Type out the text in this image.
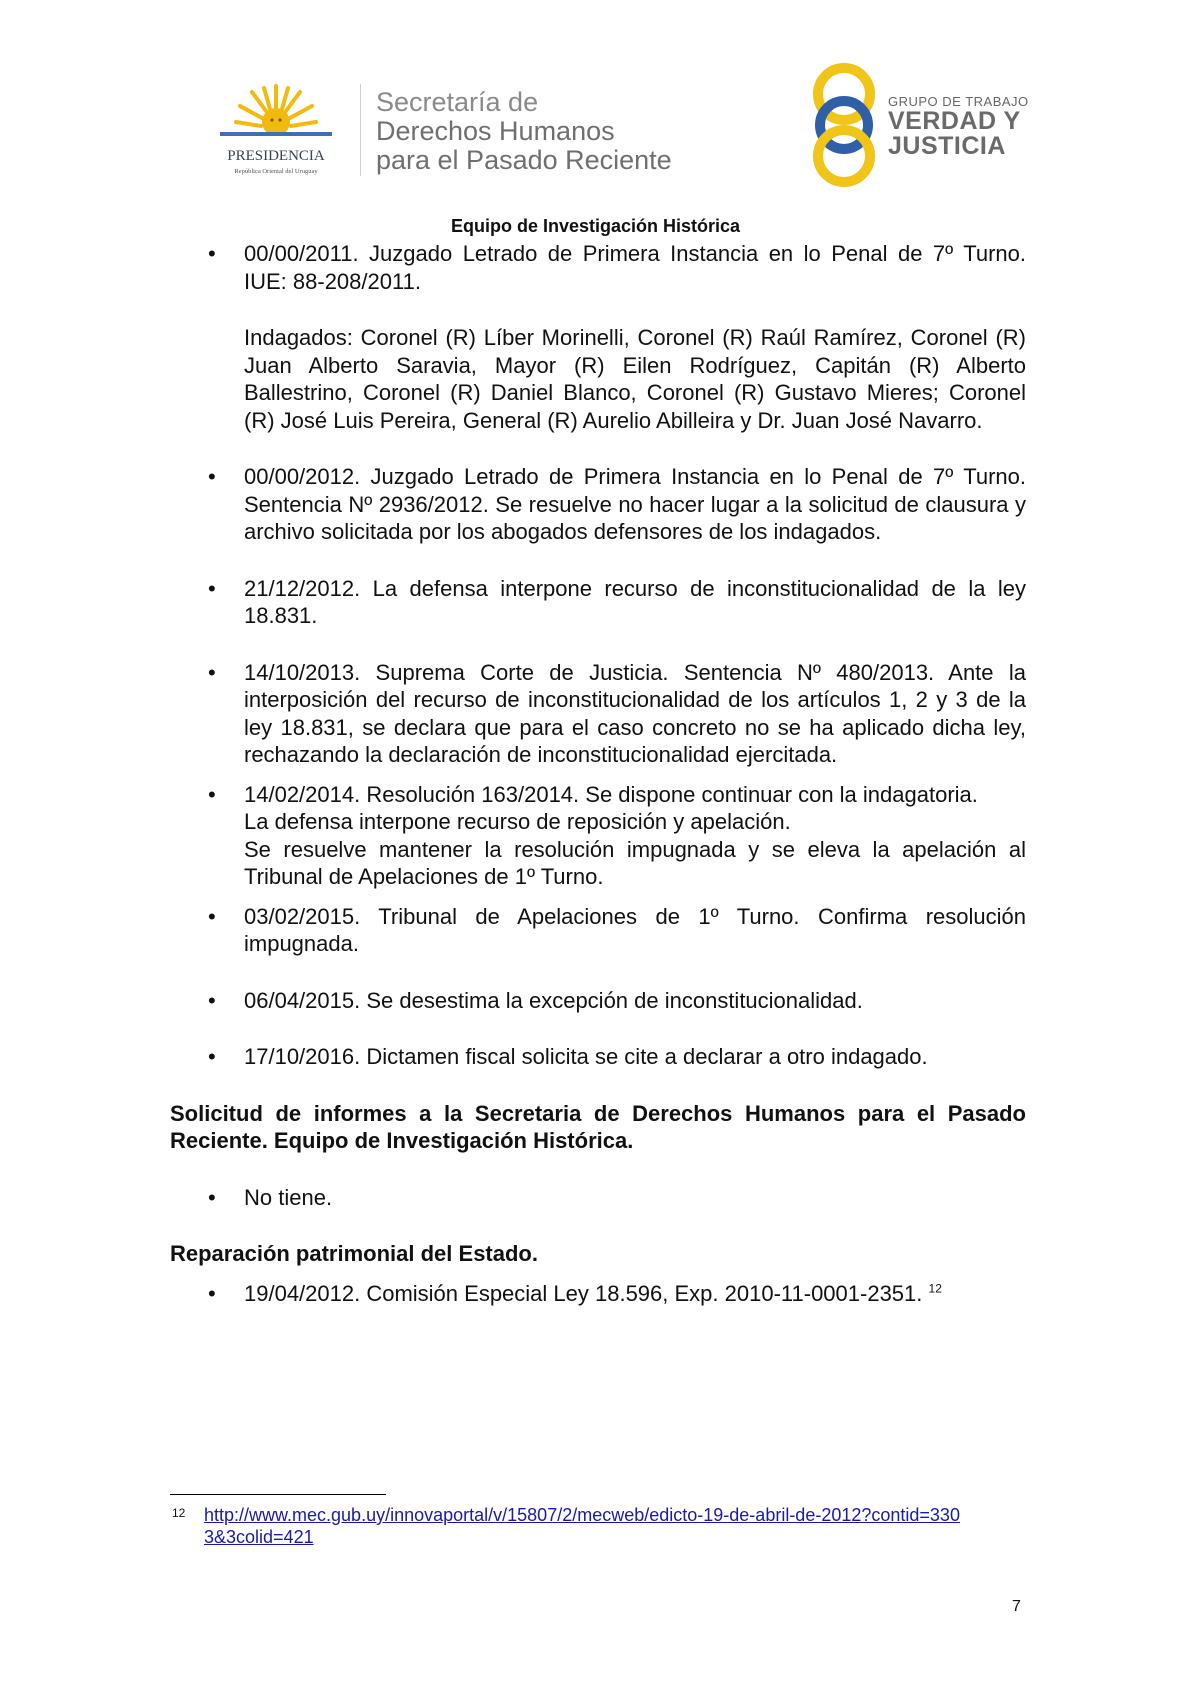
PRESIDENCIA
República Oriental del Uruguay
Secretaría de
Derechos Humanos
para el Pasado Reciente
GRUPO DE TRABAJO
VERDAD Y
JUSTICIA
Equipo de Investigación Histórica
• 00/00/2011. Juzgado Letrado de Primera Instancia en lo Penal de 7º Turno. IUE: 88-208/2011.

Indagados: Coronel (R) Líber Morinelli, Coronel (R) Raúl Ramírez, Coronel (R) Juan Alberto Saravia, Mayor (R) Eilen Rodríguez, Capitán (R) Alberto Ballestrino, Coronel (R) Daniel Blanco, Coronel (R) Gustavo Mieres; Coronel (R) José Luis Pereira, General (R) Aurelio Abilleira y Dr. Juan José Navarro.

• 00/00/2012. Juzgado Letrado de Primera Instancia en lo Penal de 7º Turno. Sentencia Nº 2936/2012. Se resuelve no hacer lugar a la solicitud de clausura y archivo solicitada por los abogados defensores de los indagados.

• 21/12/2012. La defensa interpone recurso de inconstitucionalidad de la ley 18.831.

• 14/10/2013. Suprema Corte de Justicia. Sentencia Nº 480/2013. Ante la interposición del recurso de inconstitucionalidad de los artículos 1, 2 y 3 de la ley 18.831, se declara que para el caso concreto no se ha aplicado dicha ley, rechazando la declaración de inconstitucionalidad ejercitada.

• 14/02/2014. Resolución 163/2014. Se dispone continuar con la indagatoria.

La defensa interpone recurso de reposición y apelación.

Se resuelve mantener la resolución impugnada y se eleva la apelación al Tribunal de Apelaciones de 1º Turno.

• 03/02/2015. Tribunal de Apelaciones de 1º Turno. Confirma resolución impugnada.

• 06/04/2015. Se desestima la excepción de inconstitucionalidad.

• 17/10/2016. Dictamen fiscal solicita se cite a declarar a otro indagado.

Solicitud de informes a la Secretaria de Derechos Humanos para el Pasado Reciente. Equipo de Investigación Histórica.
• No tiene.

Reparación patrimonial del Estado.
• 19/04/2012. Comisión Especial Ley 18.596, Exp. 2010-11-0001-2351. $^{12}$

12 http://www.mec.gub.uy/innovaportal/v/15807/2/mecweb/edicto-19-de-abril-de-2012?contid=3303&3colid=421
7
